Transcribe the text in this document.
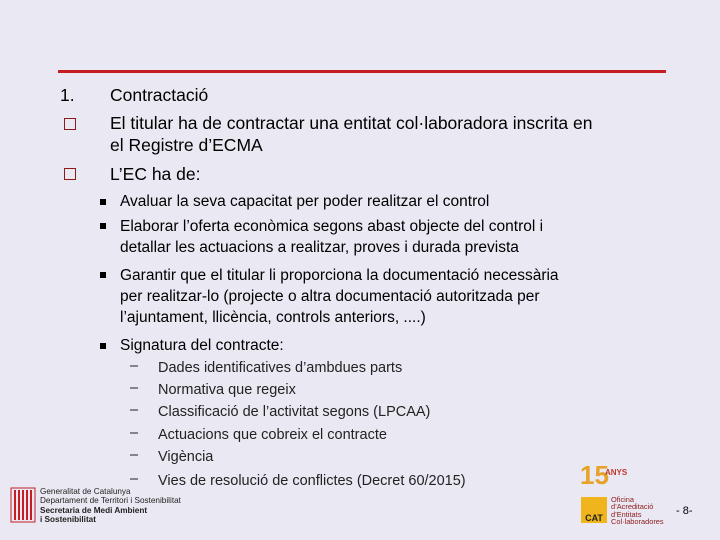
1. Contractació
El titular ha de contractar una entitat col·laboradora inscrita en
el Registre d’ECMA
L’EC ha de:
Avaluar la seva capacitat per poder realitzar el control
Elaborar l’oferta econòmica segons abast objecte del control i
detallar les actuacions a realitzar, proves i durada prevista
Garantir que el titular li proporciona la documentació necessària
per realitzar-lo (projecte o altra documentació autoritzada per
l’ajuntament, llicència, controls anteriors, ....)
Signatura del contracte:
– Dades identificatives d’ambdues parts
– Normativa que regeix
– Classificació de l’activitat segons (LPCAA)
– Actuacions que cobreix el contracte
– Vigència
– Vies de resolució de conflictes (Decret 60/2015)
Generalitat de Catalunya
Departament de Territori i Sostenibilitat
Secretaria de Medi Ambient
i Sostenibilitat
15
ANYS
CAT
Oficina
d’Acreditació
d’Entitats
Col·laboradores
- 8-
